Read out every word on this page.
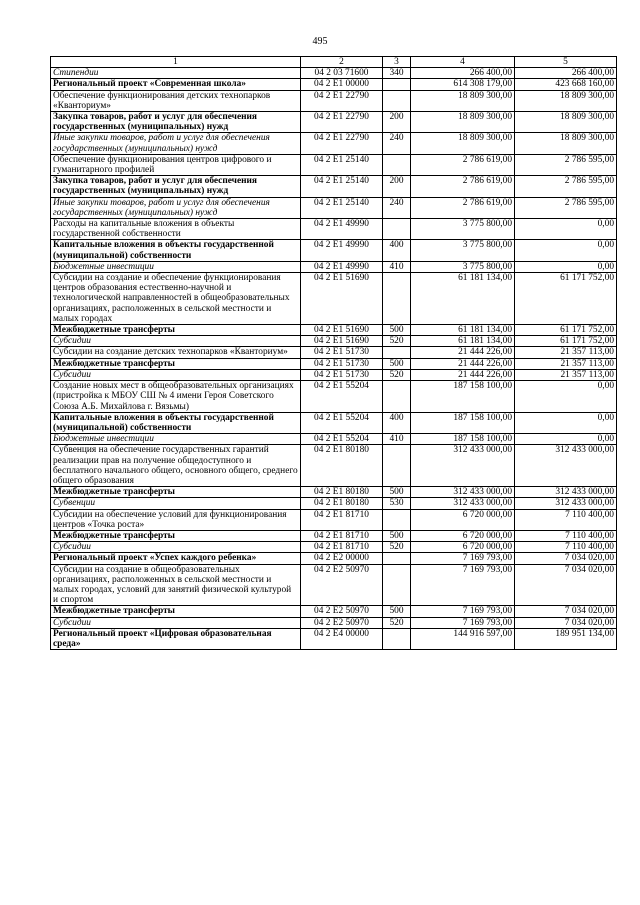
495
1	2	3	4	5
Стипендии	04 2 03 71600	340	266 400,00	266 400,00
Региональный проект «Современная школа»	04 2 E1 00000		614 308 179,00	423 668 160,00
Обеспечение функционирования детских технопарков «Кванториум»	04 2 E1 22790		18 809 300,00	18 809 300,00
Закупка товаров, работ и услуг для обеспечения государственных (муниципальных) нужд	04 2 E1 22790	200	18 809 300,00	18 809 300,00
Иные закупки товаров, работ и услуг для обеспечения государственных (муниципальных) нужд	04 2 E1 22790	240	18 809 300,00	18 809 300,00
Обеспечение функционирования центров цифрового и гуманитарного профилей	04 2 E1 25140		2 786 619,00	2 786 595,00
Закупка товаров, работ и услуг для обеспечения государственных (муниципальных) нужд	04 2 E1 25140	200	2 786 619,00	2 786 595,00
Иные закупки товаров, работ и услуг для обеспечения государственных (муниципальных) нужд	04 2 E1 25140	240	2 786 619,00	2 786 595,00
Расходы на капитальные вложения в объекты государственной собственности	04 2 E1 49990		3 775 800,00	0,00
Капитальные вложения в объекты государственной (муниципальной) собственности	04 2 E1 49990	400	3 775 800,00	0,00
Бюджетные инвестиции	04 2 E1 49990	410	3 775 800,00	0,00
Субсидии на создание и обеспечение функционирования центров образования естественно-научной и технологической направленностей в общеобразовательных организациях, расположенных в сельской местности и малых городах	04 2 E1 51690		61 181 134,00	61 171 752,00
Межбюджетные трансферты	04 2 E1 51690	500	61 181 134,00	61 171 752,00
Субсидии	04 2 E1 51690	520	61 181 134,00	61 171 752,00
Субсидии на создание детских технопарков «Кванториум»	04 2 E1 51730		21 444 226,00	21 357 113,00
Межбюджетные трансферты	04 2 E1 51730	500	21 444 226,00	21 357 113,00
Субсидии	04 2 E1 51730	520	21 444 226,00	21 357 113,00
Создание новых мест в общеобразовательных организациях (пристройка к МБОУ СШ № 4 имени Героя Советского Союза А.Б. Михайлова г. Вязьмы)	04 2 E1 55204		187 158 100,00	0,00
Капитальные вложения в объекты государственной (муниципальной) собственности	04 2 E1 55204	400	187 158 100,00	0,00
Бюджетные инвестиции	04 2 E1 55204	410	187 158 100,00	0,00
Субвенция на обеспечение государственных гарантий реализации прав на получение общедоступного и бесплатного начального общего, основного общего, среднего общего образования	04 2 E1 80180		312 433 000,00	312 433 000,00
Межбюджетные трансферты	04 2 E1 80180	500	312 433 000,00	312 433 000,00
Субвенции	04 2 E1 80180	530	312 433 000,00	312 433 000,00
Субсидии на обеспечение условий для функционирования центров «Точка роста»	04 2 E1 81710		6 720 000,00	7 110 400,00
Межбюджетные трансферты	04 2 E1 81710	500	6 720 000,00	7 110 400,00
Субсидии	04 2 E1 81710	520	6 720 000,00	7 110 400,00
Региональный проект «Успех каждого ребенка»	04 2 E2 00000		7 169 793,00	7 034 020,00
Субсидии на создание в общеобразовательных организациях, расположенных в сельской местности и малых городах, условий для занятий физической культурой и спортом	04 2 E2 50970		7 169 793,00	7 034 020,00
Межбюджетные трансферты	04 2 E2 50970	500	7 169 793,00	7 034 020,00
Субсидии	04 2 E2 50970	520	7 169 793,00	7 034 020,00
Региональный проект «Цифровая образовательная среда»	04 2 E4 00000		144 916 597,00	189 951 134,00
